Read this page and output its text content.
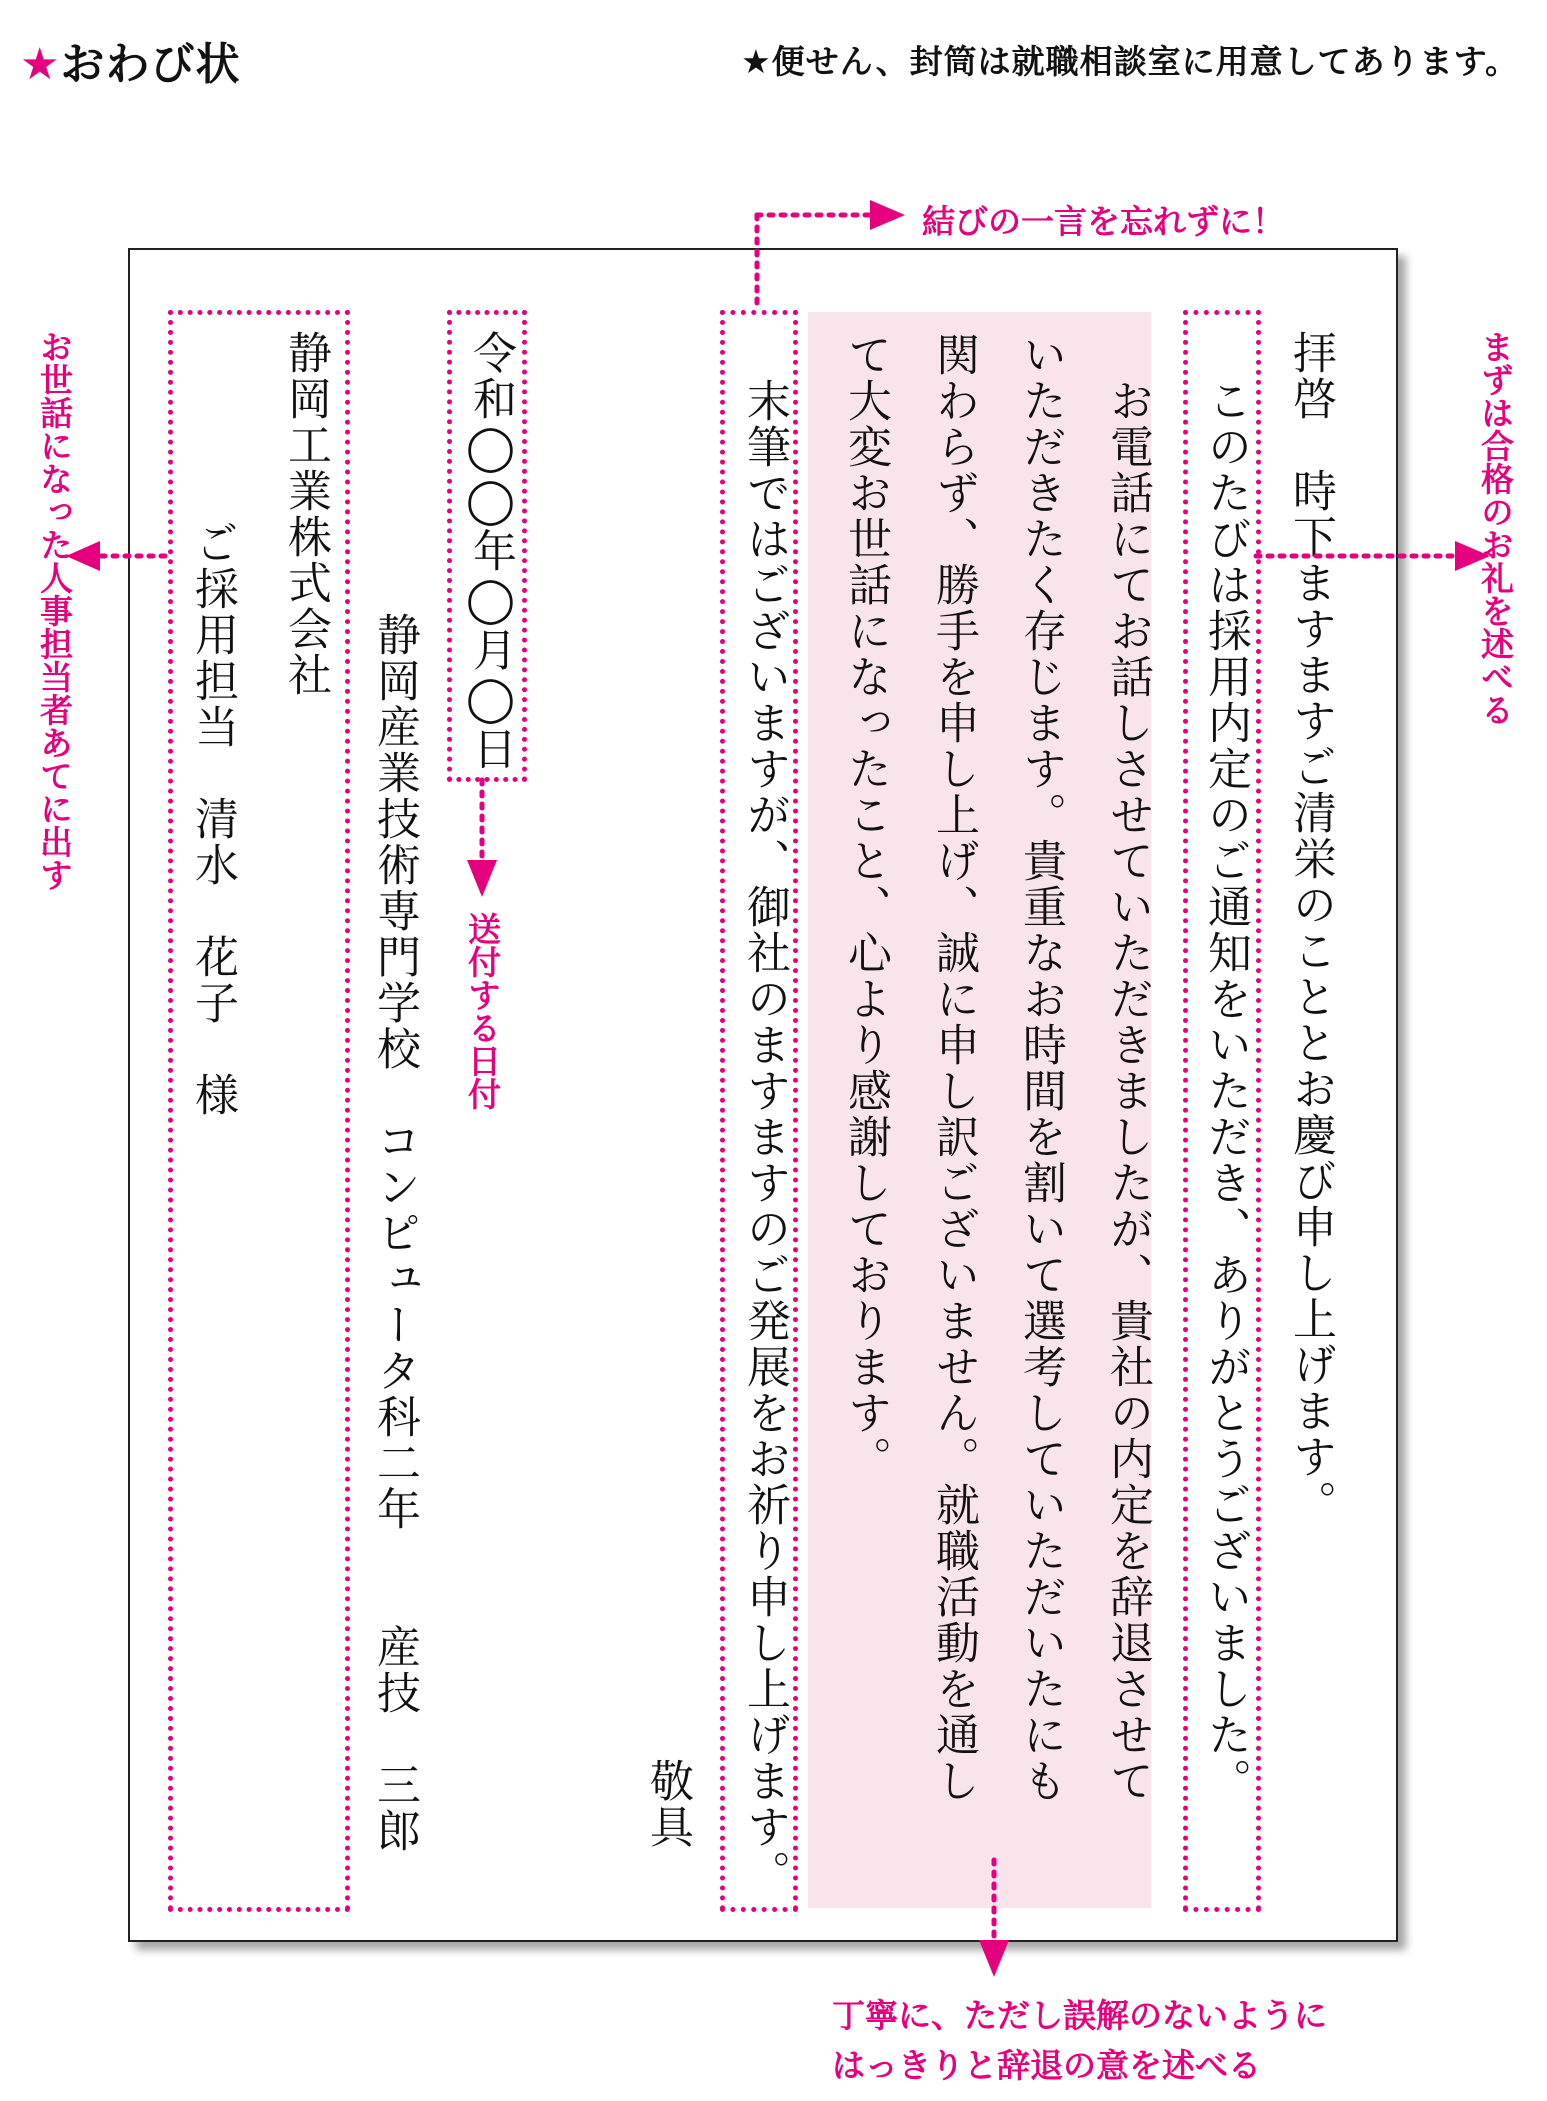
★おわび状	★便せん、封筒は就職相談室に用意してあります。
拝啓　時下ますますご清栄のこととお慶び申し上げます。
このたびは採用内定のご通知をいただき、ありがとうございました。
お電話にてお話しさせていただきましたが、貴社の内定を辞退させて
いただきたく存じます。貴重なお時間を割いて選考していただいたにも
関わらず、勝手を申し上げ、誠に申し訳ございません。就職活動を通し
て大変お世話になったこと、心より感謝しております。
末筆ではございますが、御社のますますのご発展をお祈り申し上げます。
敬具
令和◯◯年◯月◯日
静岡産業技術専門学校　コンピュータ科二年　　産技　三郎
静岡工業株式会社
ご採用担当　清水　花子　様
結びの一言を忘れずに！
まずは合格のお礼を述べる
送付する日付
お世話になった人事担当者あてに出す
丁寧に、ただし誤解のないように
はっきりと辞退の意を述べる
